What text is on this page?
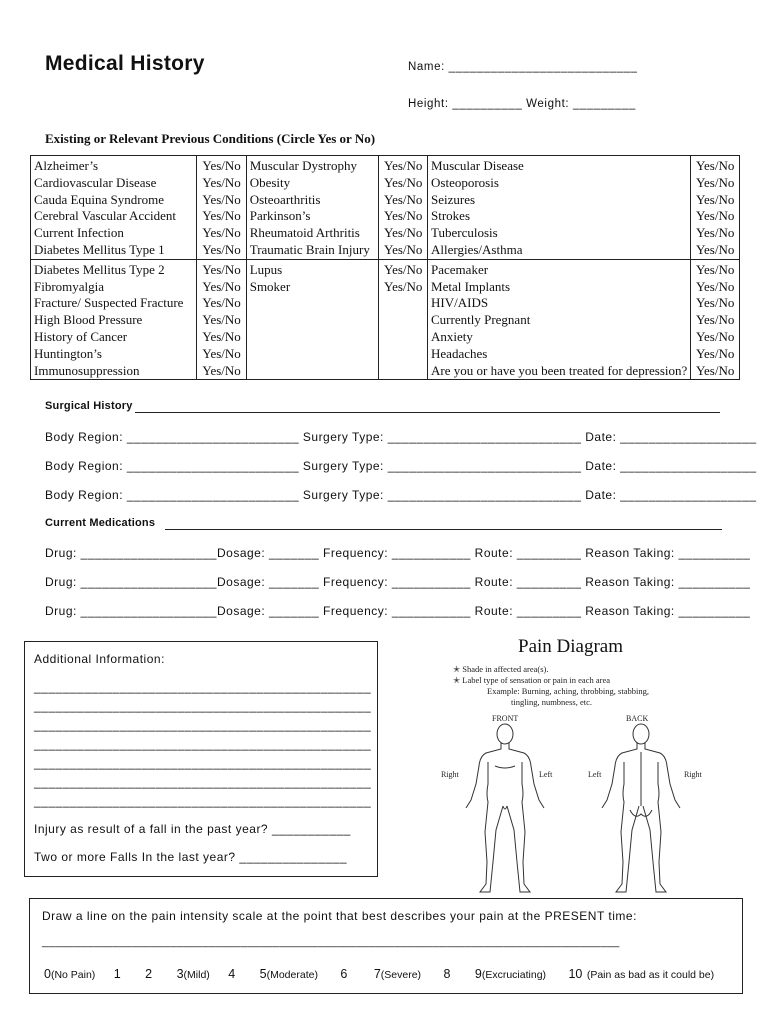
Medical History	Name: ___________________________
Height: __________ Weight: _________
Existing or Relevant Previous Conditions (Circle Yes or No)
Alzheimer’s	Yes/No	Muscular Dystrophy	Yes/No	Muscular Disease	Yes/No
Cardiovascular Disease	Yes/No	Obesity	Yes/No	Osteoporosis	Yes/No
Cauda Equina Syndrome	Yes/No	Osteoarthritis	Yes/No	Seizures	Yes/No
Cerebral Vascular Accident	Yes/No	Parkinson’s	Yes/No	Strokes	Yes/No
Current Infection	Yes/No	Rheumatoid Arthritis	Yes/No	Tuberculosis	Yes/No
Diabetes Mellitus Type 1	Yes/No	Traumatic Brain Injury	Yes/No	Allergies/Asthma	Yes/No
Diabetes Mellitus Type 2	Yes/No	Lupus	Yes/No	Pacemaker	Yes/No
Fibromyalgia	Yes/No	Smoker	Yes/No	Metal Implants	Yes/No
Fracture/ Suspected Fracture	Yes/No			HIV/AIDS	Yes/No
High Blood Pressure	Yes/No			Currently Pregnant	Yes/No
History of Cancer	Yes/No			Anxiety	Yes/No
Huntington’s	Yes/No			Headaches	Yes/No
Immunosuppression	Yes/No			Are you or have you been treated for depression?	Yes/No
Surgical History
Body Region: ________________________ Surgery Type: ___________________________ Date: ___________________
Body Region: ________________________ Surgery Type: ___________________________ Date: ___________________
Body Region: ________________________ Surgery Type: ___________________________ Date: ___________________
Current Medications
Drug: ___________________Dosage: _______ Frequency: ___________ Route: _________ Reason Taking: __________
Drug: ___________________Dosage: _______ Frequency: ___________ Route: _________ Reason Taking: __________
Drug: ___________________Dosage: _______ Frequency: ___________ Route: _________ Reason Taking: __________
Additional Information:
_______________________________________________
_______________________________________________
_______________________________________________
_______________________________________________
_______________________________________________
_______________________________________________
_______________________________________________
Injury as result of a fall in the past year? ___________
Two or more Falls In the last year? _______________
Pain Diagram
✭ Shade in affected area(s).
✭ Label type of sensation or pain in each area
Example: Burning, aching, throbbing, stabbing,
tingling, numbness, etc.
FRONT	BACK
Right	Left	Left	Right
Draw a line on the pain intensity scale at the point that best describes your pain at the PRESENT time:
__________________________________________________________________________________________
0(No Pain) 1 2 3(Mild) 4 5(Moderate) 6 7(Severe) 8 9(Excruciating) 10 (Pain as bad as it could be)
